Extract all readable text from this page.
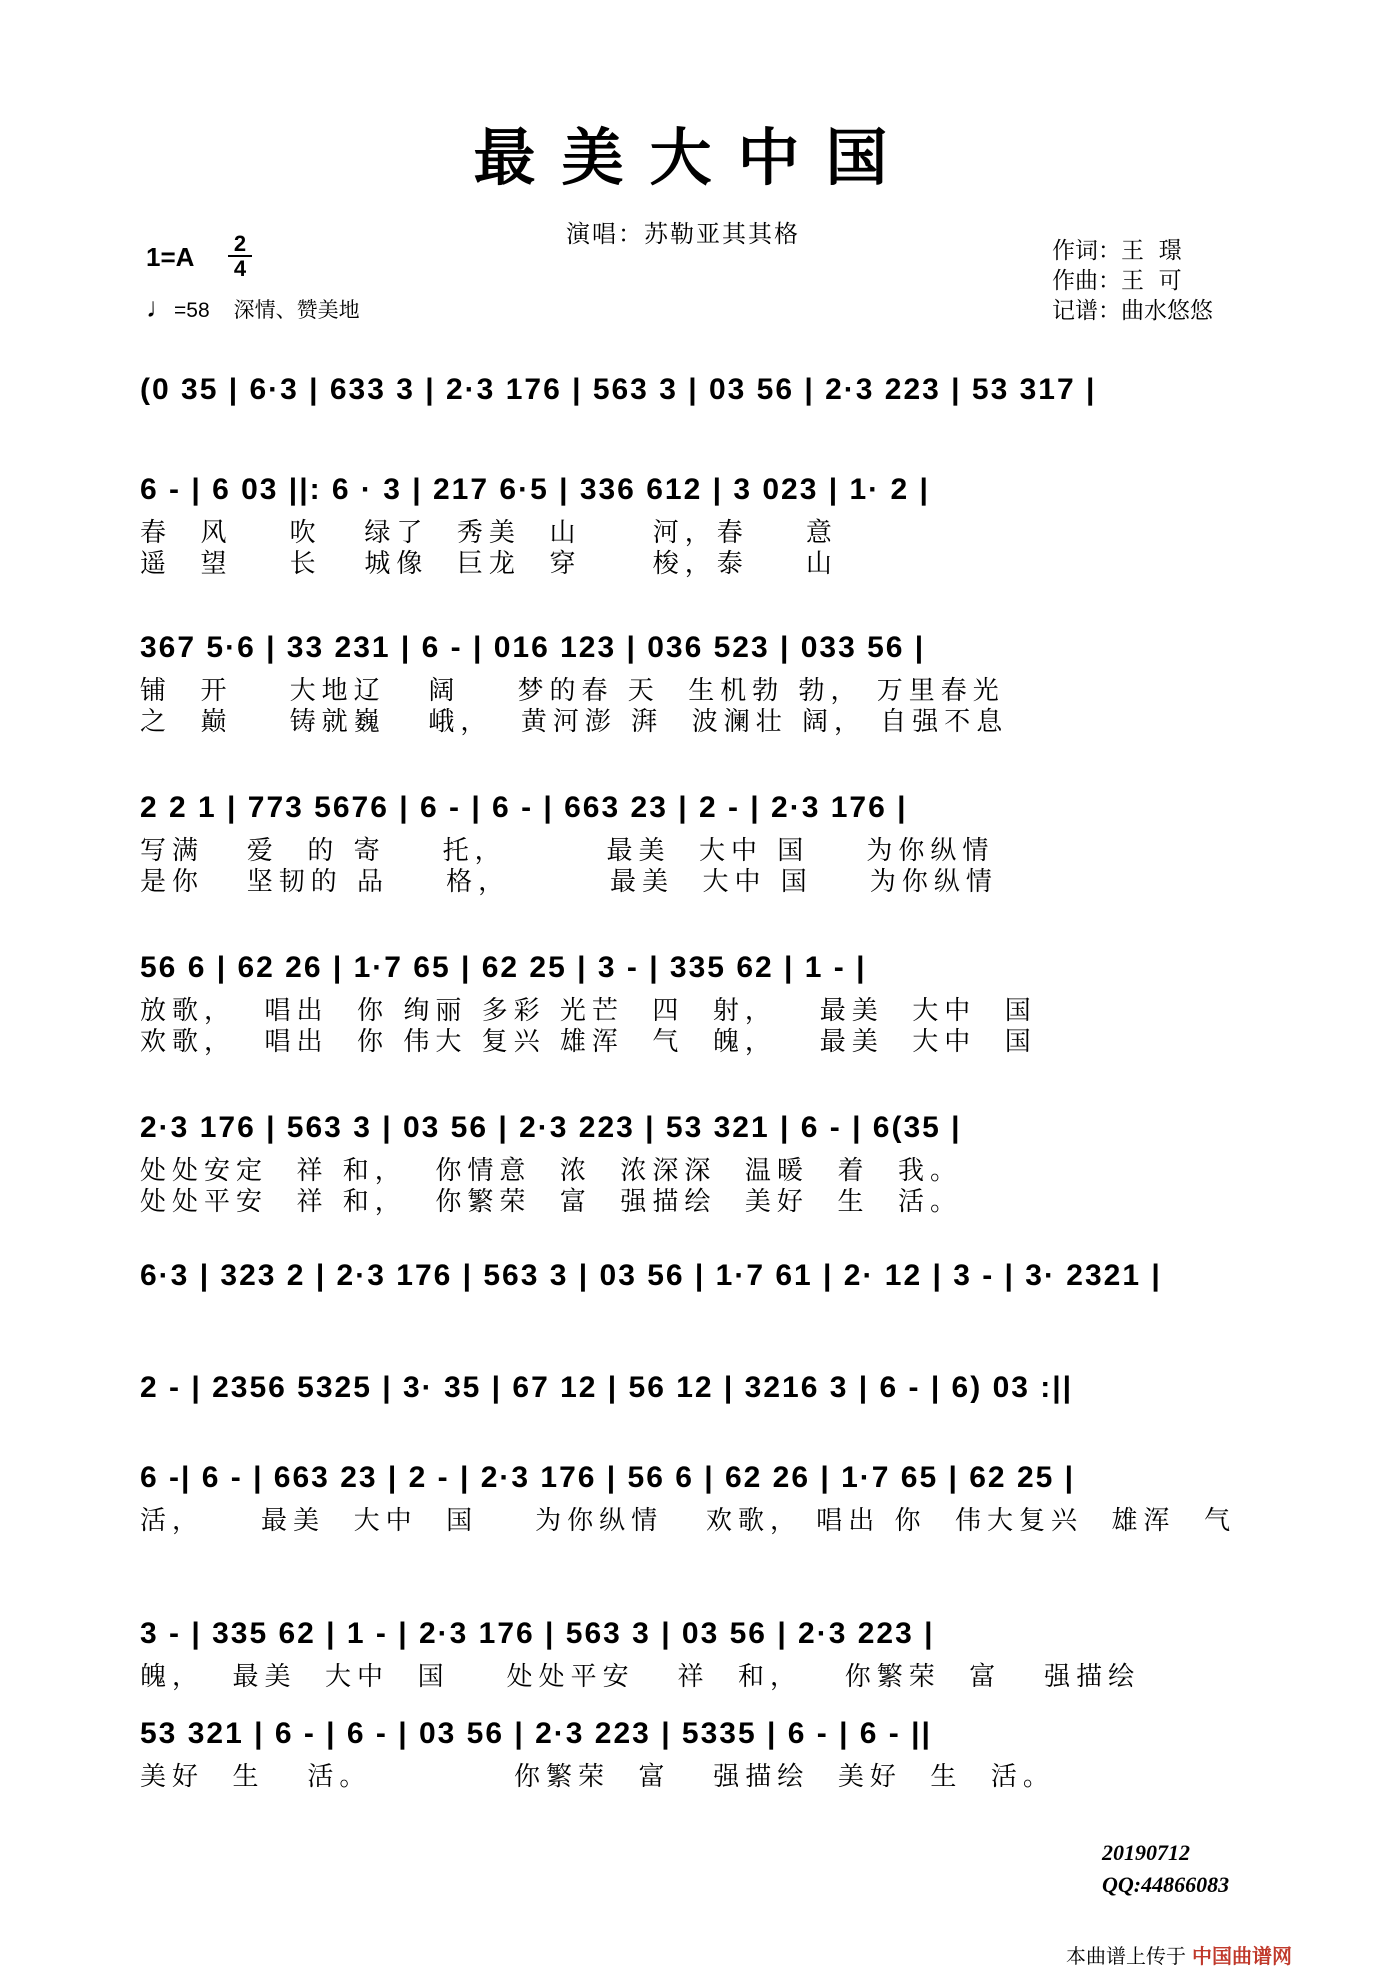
最美大中国
演唱：苏勒亚其其格
作词：王  璟
作曲：王  可
记谱：曲水悠悠
1=A 2
4
♩=58 深情、赞美地
(0 35 | 6·3 | 633 3 | 2·3 176 | 563 3 | 03 56 | 2·3 223 | 53 317 |
6 - | 6 03 ||: 6 · 3 | 217 6·5 | 336 612 | 3 023 | 1· 2 |
春  风    吹   绿了  秀美  山     河，春    意
遥  望    长   城像  巨龙  穿     梭，泰    山
367 5·6 | 33 231 | 6 - | 016 123 | 036 523 | 033 56 |
铺  开    大地辽   阔    梦的春 天  生机勃 勃， 万里春光
之  巅    铸就巍   峨，  黄河澎 湃  波澜壮 阔， 自强不息
2 2 1 | 773 5676 | 6 - | 6 - | 663 23 | 2 - | 2·3 176 |
写满   爱  的 寄    托，       最美  大中 国    为你纵情
是你   坚韧的 品    格，       最美  大中 国    为你纵情
56 6 | 62 26 | 1·7 65 | 62 25 | 3 - | 335 62 | 1 - |
放歌，  唱出  你 绚丽 多彩 光芒  四  射，   最美  大中  国
欢歌，  唱出  你 伟大 复兴 雄浑  气  魄，   最美  大中  国
2·3 176 | 563 3 | 03 56 | 2·3 223 | 53 321 | 6 - | 6(35 |
处处安定  祥 和，  你情意  浓  浓深深  温暖  着  我。
处处平安  祥 和，  你繁荣  富  强描绘  美好  生  活。
6·3 | 323 2 | 2·3 176 | 563 3 | 03 56 | 1·7 61 | 2· 12 | 3 - | 3· 2321 |
2 - | 2356 5325 | 3· 35 | 67 12 | 56 12 | 3216 3 | 6 - | 6) 03 :||
6 -| 6 - | 663 23 | 2 - | 2·3 176 | 56 6 | 62 26 | 1·7 65 | 62 25 |
活，    最美  大中  国    为你纵情   欢歌， 唱出 你  伟大复兴  雄浑  气
3 - | 335 62 | 1 - | 2·3 176 | 563 3 | 03 56 | 2·3 223 |
魄，  最美  大中  国    处处平安   祥  和，   你繁荣  富   强描绘
53 321 | 6 - | 6 - | 03 56 | 2·3 223 | 5335 | 6 - | 6 - ||
美好  生   活。          你繁荣  富   强描绘  美好  生  活。
20190712
QQ:44866083
本曲谱上传于 中国曲谱网
